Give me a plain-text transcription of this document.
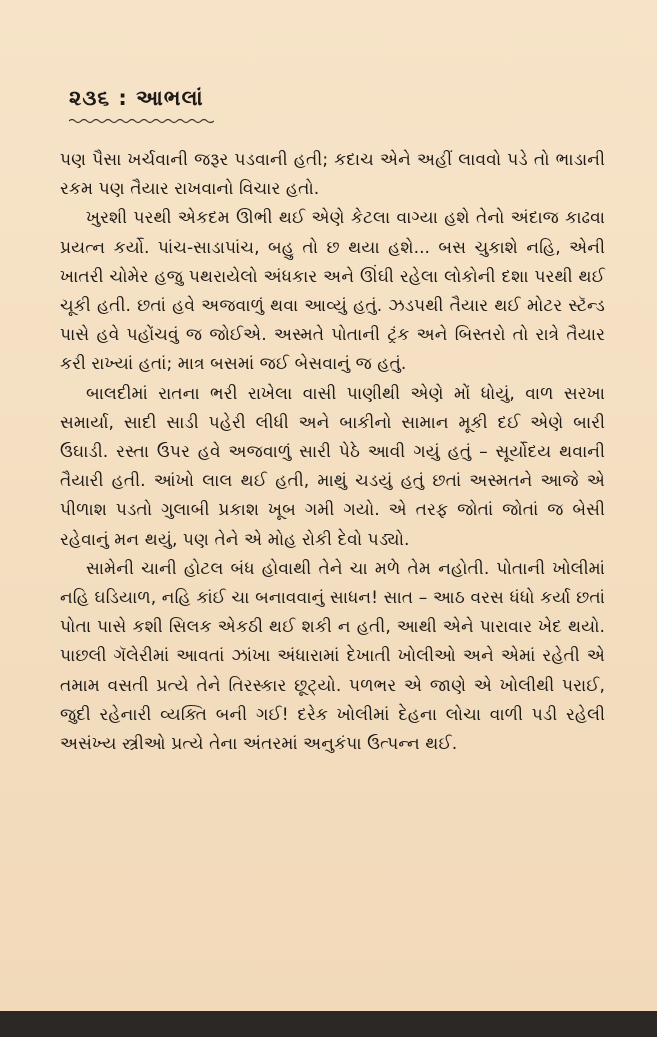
૨૩૬ : આભલાં

પણ પૈસા ખર્ચવાની જરૂર પડવાની હતી; કદાચ એને અહીં લાવવો પડે તો ભાડાની રકમ પણ તૈયાર રાખવાનો વિચાર હતો.

ખુરશી પરથી એકદમ ઊભી થઈ એણે કેટલા વાગ્યા હશે તેનો અંદાજ કાઢવા પ્રયત્ન કર્યો. પાંચ-સાડાપાંચ, બહુ તો છ થયા હશે... બસ ચુકાશે નહિ, એની ખાતરી ચોમેર હજુ પથરાયેલો અંધકાર અને ઊંઘી રહેલા લોકોની દશા પરથી થઈ ચૂકી હતી. છતાં હવે અજવાળું થવા આવ્યું હતું. ઝડપથી તૈયાર થઈ મોટર સ્ટૅન્ડ પાસે હવે પહોંચવું જ જોઈએ. અસ્મતે પોતાની ટ્રંક અને બિસ્તરો તો રાત્રે તૈયાર કરી રાખ્યાં હતાં; માત્ર બસમાં જઈ બેસવાનું જ હતું.

બાલદીમાં રાતના ભરી રાખેલા વાસી પાણીથી એણે મોં ધોયું, વાળ સરખા સમાર્યા, સાદી સાડી પહેરી લીધી અને બાકીનો સામાન મૂકી દઈ એણે બારી ઉઘાડી. રસ્તા ઉપર હવે અજવાળું સારી પેઠે આવી ગયું હતું – સૂર્યોદય થવાની તૈયારી હતી. આંખો લાલ થઈ હતી, માથું ચડયું હતું છતાં અસ્મતને આજે એ પીળાશ પડતો ગુલાબી પ્રકાશ ખૂબ ગમી ગયો. એ તરફ જોતાં જોતાં જ બેસી રહેવાનું મન થયું, પણ તેને એ મોહ રોકી દેવો પડ્યો.

સામેની ચાની હોટલ બંધ હોવાથી તેને ચા મળે તેમ નહોતી. પોતાની ખોલીમાં નહિ ઘડિયાળ, નહિ કાંઈ ચા બનાવવાનું સાધન! સાત – આઠ વરસ ધંધો કર્યા છતાં પોતા પાસે કશી સિલક એકઠી થઈ શકી ન હતી, આથી એને પારાવાર ખેદ થયો. પાછલી ગૅલેરીમાં આવતાં ઝાંખા અંધારામાં દેખાતી ખોલીઓ અને એમાં રહેતી એ તમામ વસતી પ્રત્યે તેને તિરસ્કાર છૂટ્યો. પળભર એ જાણે એ ખોલીથી પરાઈ, જુદી રહેનારી વ્યક્તિ બની ગઈ! દરેક ખોલીમાં દેહના લોચા વાળી પડી રહેલી અસંખ્ય સ્ત્રીઓ પ્રત્યે તેના અંતરમાં અનુકંપા ઉત્પન્ન થઈ.
